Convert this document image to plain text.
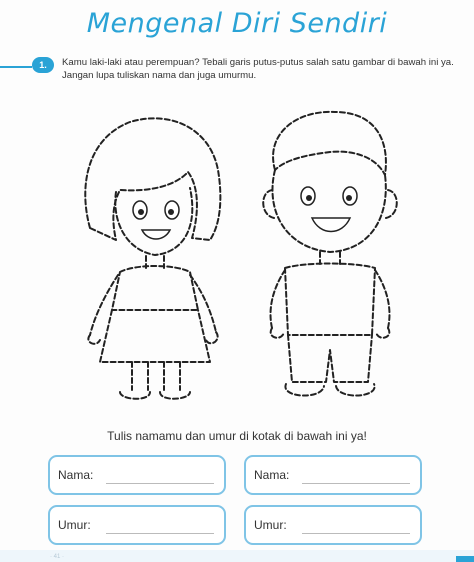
Mengenal Diri Sendiri
1.	Kamu laki-laki atau perempuan? Tebali garis putus-putus salah satu gambar di bawah ini ya. Jangan lupa tuliskan nama dan juga umurmu.
Tulis namamu dan umur di kotak di bawah ini ya!
Nama:	Nama:
Umur:	Umur:
· 41 ·
